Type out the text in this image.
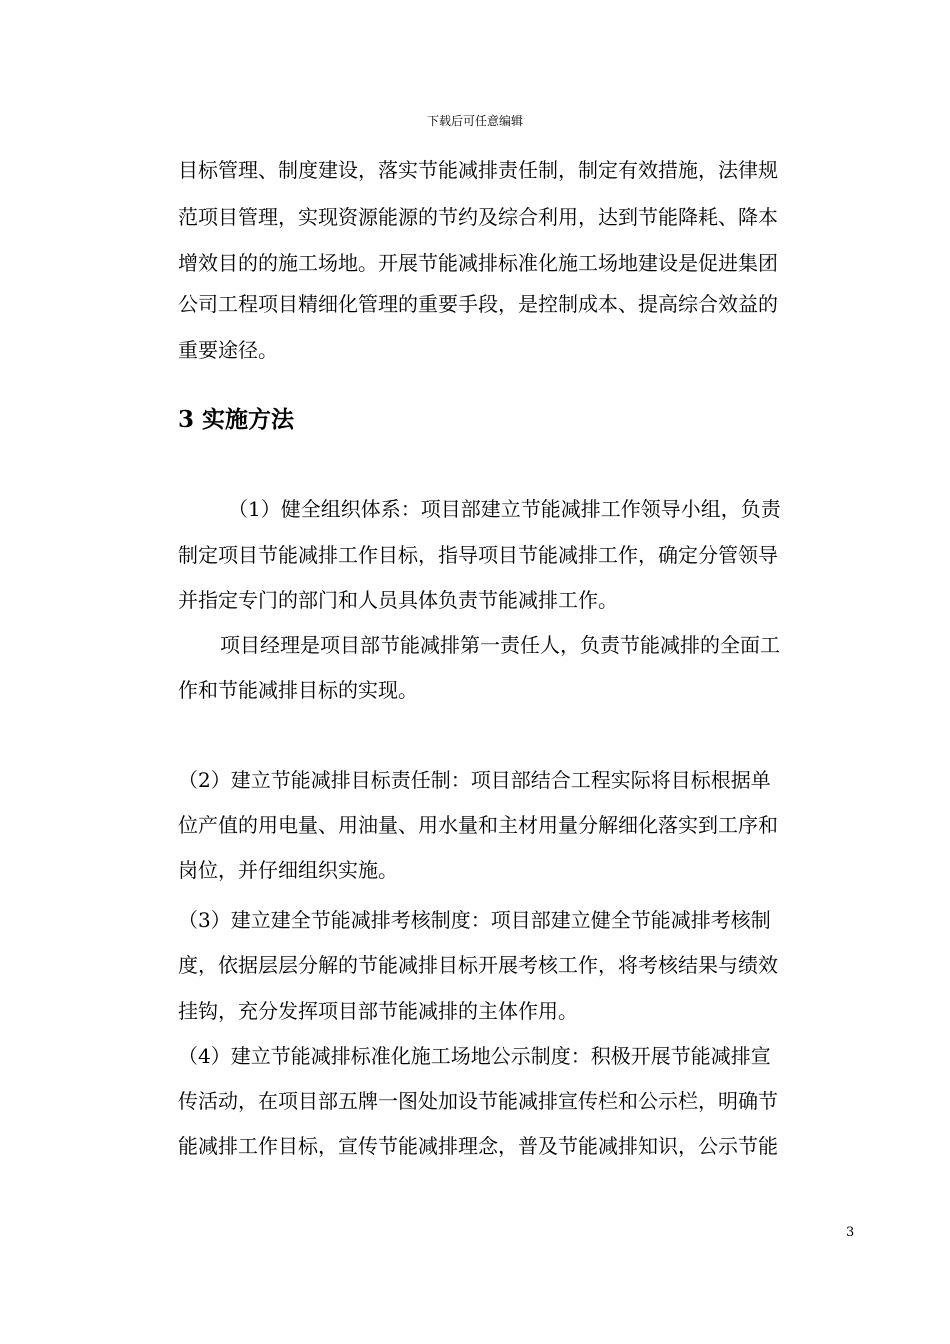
下载后可任意编辑
目标管理、制度建设，落实节能减排责任制，制定有效措施，法律规
范项目管理，实现资源能源的节约及综合利用，达到节能降耗、降本
增效目的的施工场地。开展节能减排标准化施工场地建设是促进集团
公司工程项目精细化管理的重要手段，是控制成本、提高综合效益的
重要途径。
3 实施方法
（1）健全组织体系：项目部建立节能减排工作领导小组，负责
制定项目节能减排工作目标，指导项目节能减排工作，确定分管领导
并指定专门的部门和人员具体负责节能减排工作。
项目经理是项目部节能减排第一责任人，负责节能减排的全面工
作和节能减排目标的实现。
（2）建立节能减排目标责任制：项目部结合工程实际将目标根据单
位产值的用电量、用油量、用水量和主材用量分解细化落实到工序和
岗位，并仔细组织实施。
（3）建立建全节能减排考核制度：项目部建立健全节能减排考核制
度，依据层层分解的节能减排目标开展考核工作，将考核结果与绩效
挂钩，充分发挥项目部节能减排的主体作用。
（4）建立节能减排标准化施工场地公示制度：积极开展节能减排宣
传活动，在项目部五牌一图处加设节能减排宣传栏和公示栏，明确节
能减排工作目标，宣传节能减排理念，普及节能减排知识，公示节能
3
